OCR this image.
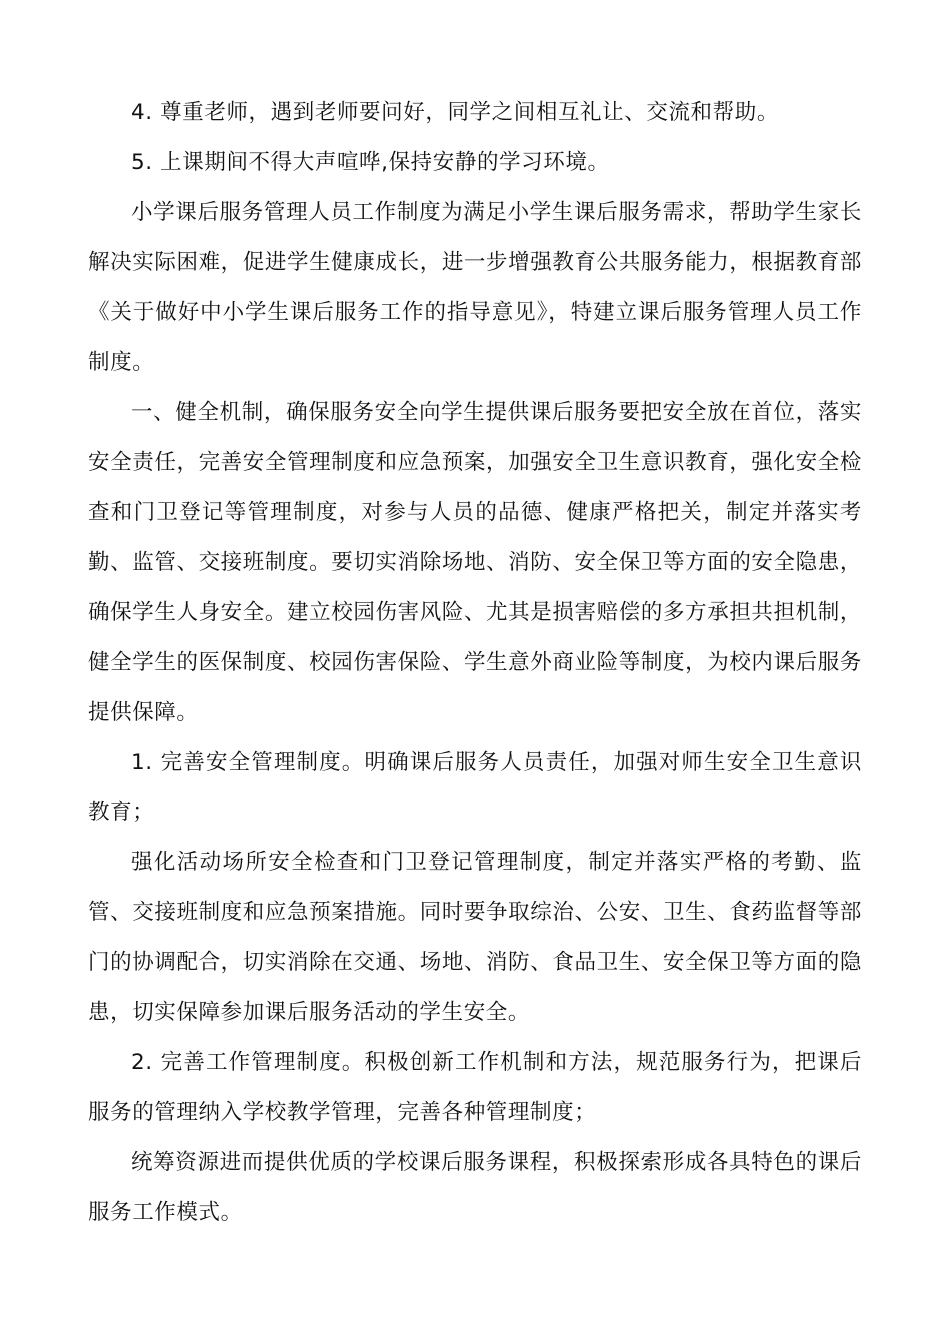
4. 尊重老师，遇到老师要问好，同学之间相互礼让、交流和帮助。

5. 上课期间不得大声喧哗,保持安静的学习环境。

小学课后服务管理人员工作制度为满足小学生课后服务需求，帮助学生家长解决实际困难，促进学生健康成长，进一步增强教育公共服务能力，根据教育部《关于做好中小学生课后服务工作的指导意见》，特建立课后服务管理人员工作制度。

一、健全机制，确保服务安全向学生提供课后服务要把安全放在首位，落实安全责任，完善安全管理制度和应急预案，加强安全卫生意识教育，强化安全检查和门卫登记等管理制度，对参与人员的品德、健康严格把关，制定并落实考勤、监管、交接班制度。要切实消除场地、消防、安全保卫等方面的安全隐患，确保学生人身安全。建立校园伤害风险、尤其是损害赔偿的多方承担共担机制，健全学生的医保制度、校园伤害保险、学生意外商业险等制度，为校内课后服务提供保障。

1. 完善安全管理制度。明确课后服务人员责任，加强对师生安全卫生意识教育；

强化活动场所安全检查和门卫登记管理制度，制定并落实严格的考勤、监管、交接班制度和应急预案措施。同时要争取综治、公安、卫生、食药监督等部门的协调配合，切实消除在交通、场地、消防、食品卫生、安全保卫等方面的隐患，切实保障参加课后服务活动的学生安全。

2. 完善工作管理制度。积极创新工作机制和方法，规范服务行为，把课后服务的管理纳入学校教学管理，完善各种管理制度；

统筹资源进而提供优质的学校课后服务课程，积极探索形成各具特色的课后服务工作模式。
